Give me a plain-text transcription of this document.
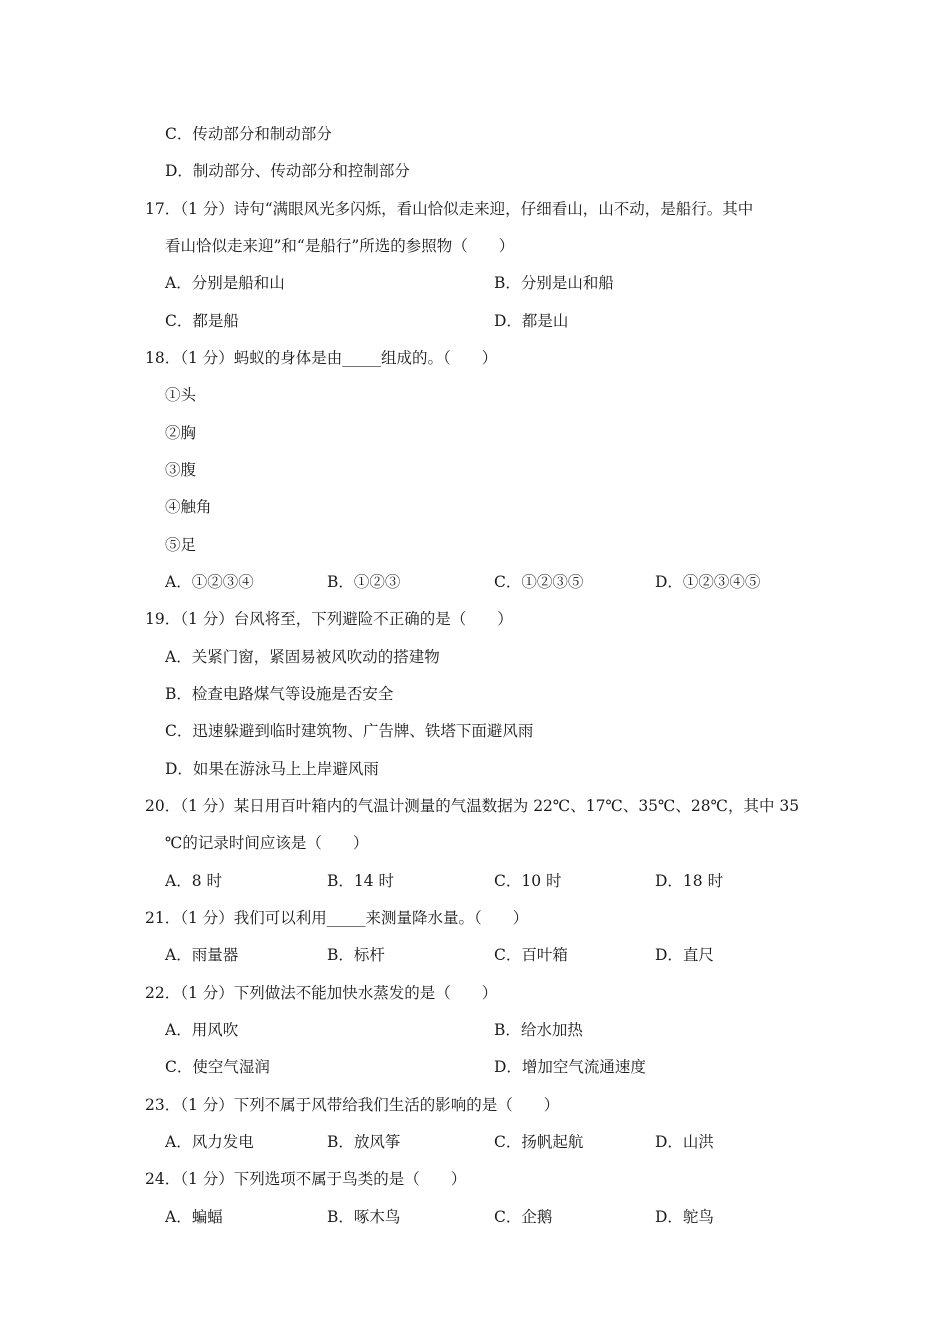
C．传动部分和制动部分
D．制动部分、传动部分和控制部分
17．（1 分）诗句“满眼风光多闪烁，看山恰似走来迎，仔细看山，山不动，是船行。其中
看山恰似走来迎”和“是船行”所选的参照物（　　）
A．分别是船和山	B．分别是山和船
C．都是船	D．都是山
18．（1 分）蚂蚁的身体是由_____组成的。（　　）
①头
②胸
③腹
④触角
⑤足
A．①②③④	B．①②③	C．①②③⑤	D．①②③④⑤
19．（1 分）台风将至，下列避险不正确的是（　　）
A．关紧门窗，紧固易被风吹动的搭建物
B．检查电路煤气等设施是否安全
C．迅速躲避到临时建筑物、广告牌、铁塔下面避风雨
D．如果在游泳马上上岸避风雨
20．（1 分）某日用百叶箱内的气温计测量的气温数据为 22℃、17℃、35℃、28℃，其中 35
℃的记录时间应该是（　　）
A．8 时	B．14 时	C．10 时	D．18 时
21．（1 分）我们可以利用_____来测量降水量。（　　）
A．雨量器	B．标杆	C．百叶箱	D．直尺
22．（1 分）下列做法不能加快水蒸发的是（　　）
A．用风吹	B．给水加热
C．使空气湿润	D．增加空气流通速度
23．（1 分）下列不属于风带给我们生活的影响的是（　　）
A．风力发电	B．放风筝	C．扬帆起航	D．山洪
24．（1 分）下列选项不属于鸟类的是（　　）
A．蝙蝠	B．啄木鸟	C．企鹅	D．鸵鸟
